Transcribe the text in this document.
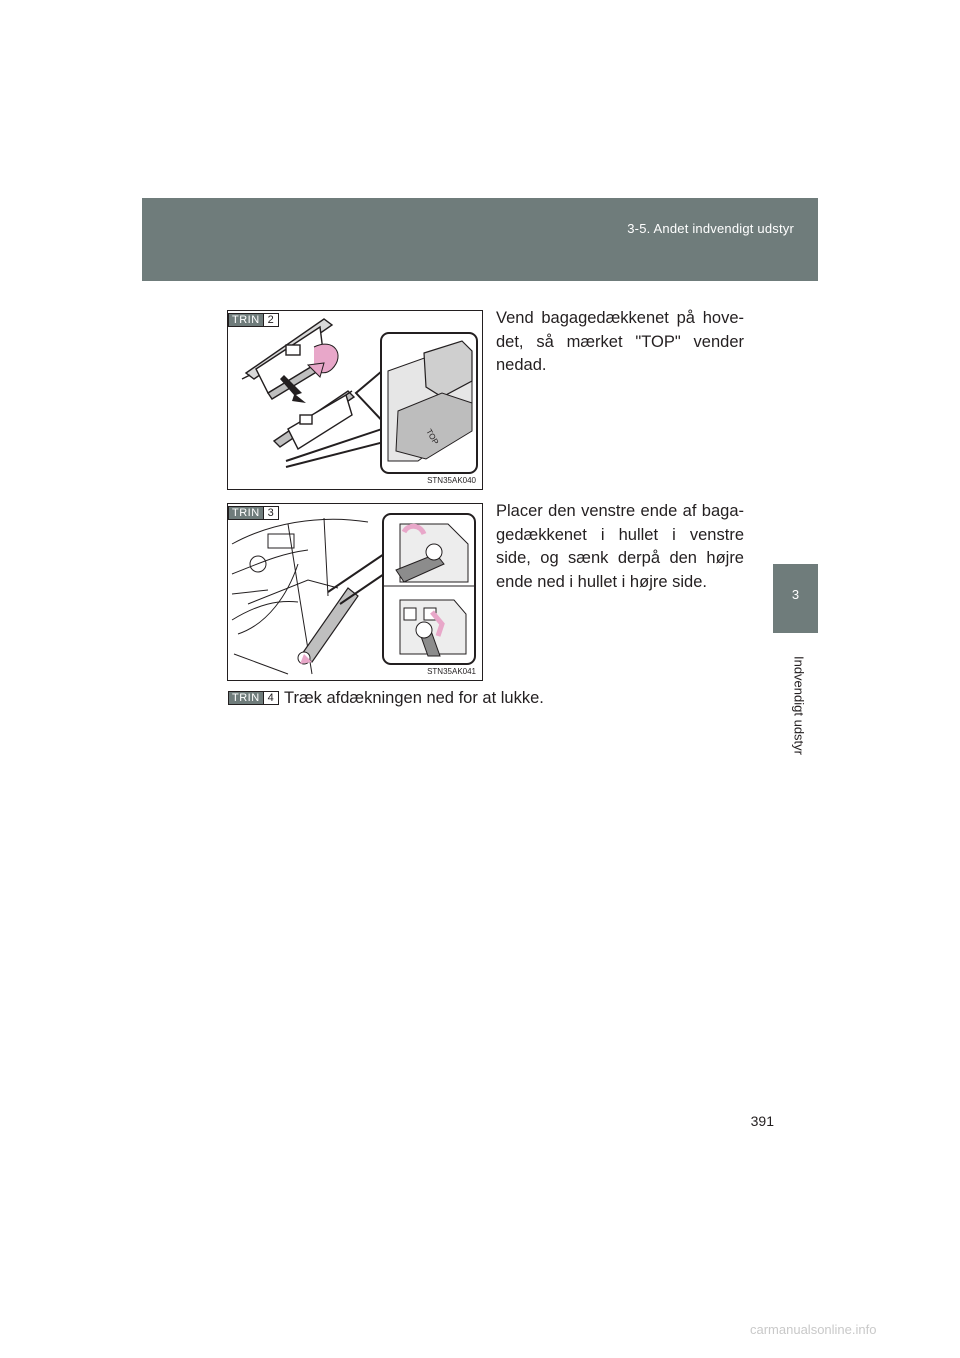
3-5. Andet indvendigt udstyr
3
Indvendigt udstyr
TOP
STN35AK040
TRIN 2	Vend bagagedækkenet på hove-det, så mærket "TOP" vender nedad.
STN35AK041
TRIN 3	Placer den venstre ende af baga-gedækkenet i hullet i venstre side, og sænk derpå den højre ende ned i hullet i højre side.
TRIN 4 Træk afdækningen ned for at lukke.
391
carmanualsonline.info
